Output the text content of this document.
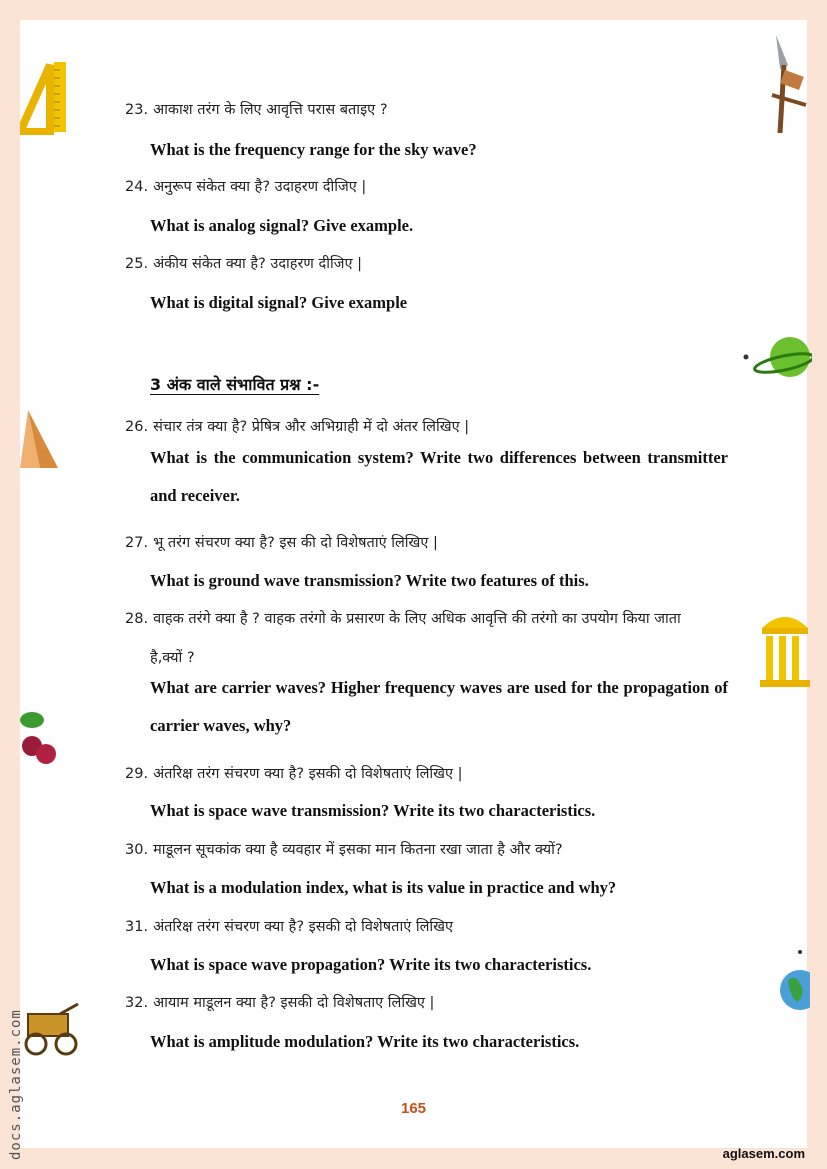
23. आकाश तरंग के लिए आवृत्ति परास बताइए ?
What is the frequency range for the sky wave?
24. अनुरूप संकेत क्या है? उदाहरण दीजिए |
What is analog signal? Give example.
25. अंकीय संकेत क्या है? उदाहरण दीजिए |
What is digital signal? Give example
3 अंक वाले संभावित प्रश्न :-
26. संचार तंत्र क्या है? प्रेषित्र और अभिग्राही में दो अंतर लिखिए |
What is the communication system? Write two differences between transmitter and receiver.
27. भू तरंग संचरण क्या है? इस की दो विशेषताएं लिखिए |
What is ground wave transmission? Write two features of this.
28. वाहक तरंगे क्या है ? वाहक तरंगो के प्रसारण के लिए अधिक आवृत्ति की तरंगो का उपयोग किया जाता
है,क्यों ?
What are carrier waves? Higher frequency waves are used for the propagation of carrier waves, why?
29. अंतरिक्ष तरंग संचरण क्या है? इसकी दो विशेषताएं लिखिए |
What is space wave transmission? Write its two characteristics.
30. माडूलन सूचकांक क्या है व्यवहार में इसका मान कितना रखा जाता है और क्यों?
What is a modulation index, what is its value in practice and why?
31. अंतरिक्ष तरंग संचरण क्या है? इसकी दो विशेषताएं लिखिए
What is space wave propagation? Write its two characteristics.
32. आयाम माडूलन क्या है? इसकी दो विशेषताए लिखिए |
What is amplitude modulation? Write its two characteristics.
165
aglasem.com
docs.aglasem.com
